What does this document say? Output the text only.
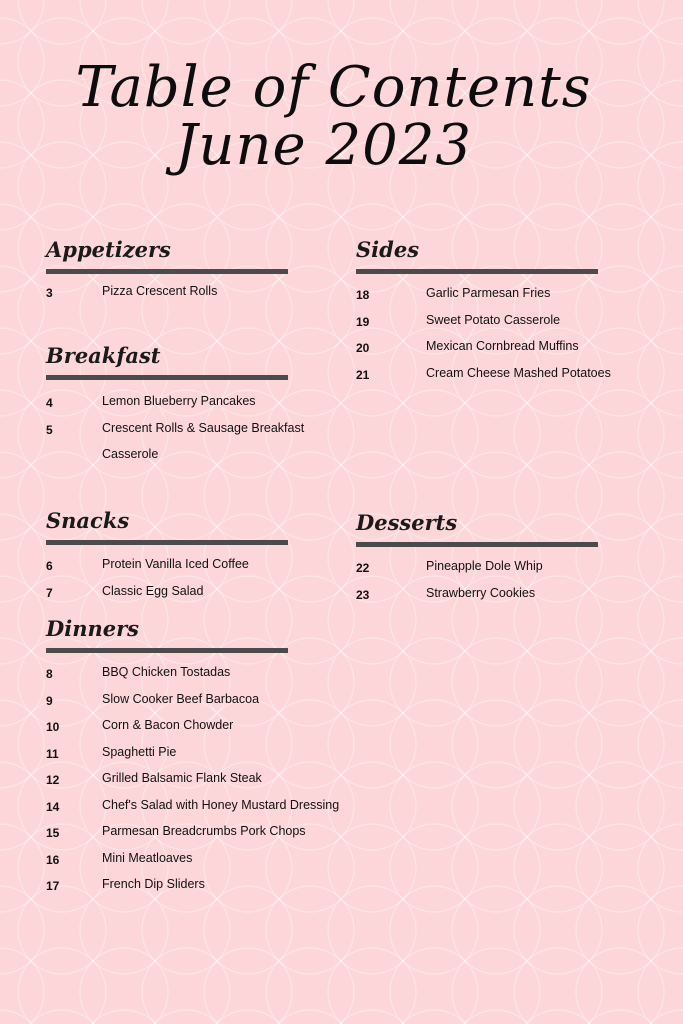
Table of Contents
June 2023
Appetizers
3	Pizza Crescent Rolls
Breakfast
4	Lemon Blueberry Pancakes
5	Crescent Rolls & Sausage Breakfast Casserole
Snacks
6	Protein Vanilla Iced Coffee
7	Classic Egg Salad
Dinners
8	BBQ Chicken Tostadas
9	Slow Cooker Beef Barbacoa
10	Corn & Bacon Chowder
11	Spaghetti Pie
12	Grilled Balsamic Flank Steak
14	Chef's Salad with Honey Mustard Dressing
15	Parmesan Breadcrumbs Pork Chops
16	Mini Meatloaves
17	French Dip Sliders
Sides
18	Garlic Parmesan Fries
19	Sweet Potato Casserole
20	Mexican Cornbread Muffins
21	Cream Cheese Mashed Potatoes
Desserts
22	Pineapple Dole Whip
23	Strawberry Cookies
